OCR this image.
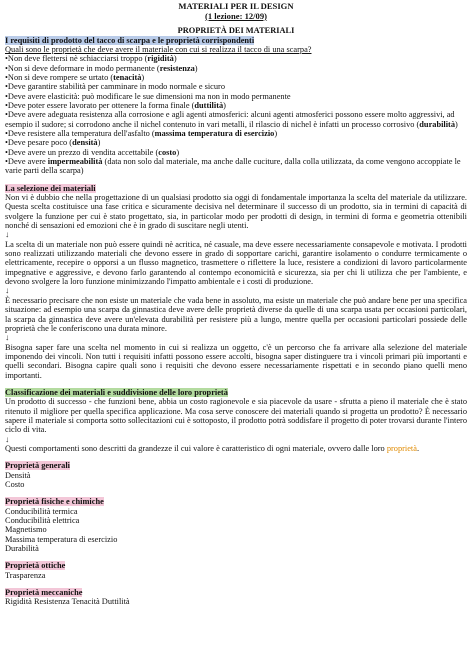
MATERIALI PER IL DESIGN
(1 lezione: 12/09)
PROPRIETÀ DEI MATERIALI
I requisiti di prodotto del tacco di scarpa e le proprietà corrispondenti
Quali sono le proprietà che deve avere il materiale con cui si realizza il tacco di una scarpa?
•Non deve flettersi nè schiacciarsi troppo (rigidità)
•Non si deve deformare in modo permanente (resistenza)
•Non si deve rompere se urtato (tenacità)
•Deve garantire stabilità per camminare in modo normale e sicuro
•Deve avere elasticità: può modificare le sue dimensioni ma non in modo permanente
•Deve poter essere lavorato per ottenere la forma finale (duttilità)
•Deve avere adeguata resistenza alla corrosione e agli agenti atmosferici: alcuni agenti atmosferici possono essere molto aggressivi, ad esempio il sudore; si corrodono anche il nichel contenuto in vari metalli, il rilascio di nichel è infatti un processo corrosivo (durabilità)
•Deve resistere alla temperatura dell'asfalto (massima temperatura di esercizio)
•Deve pesare poco (densità)
•Deve avere un prezzo di vendita accettabile (costo)
•Deve avere impermeabilità (data non solo dal materiale, ma anche dalle cuciture, dalla colla utilizzata, da come vengono accoppiate le varie parti della scarpa)
La selezione dei materiali

Non vi è dubbio che nella progettazione di un qualsiasi prodotto sia oggi di fondamentale importanza la scelta del materiale da utilizzare. Questa scelta costituisce una fase critica e sicuramente decisiva nel determinare il successo di un prodotto, sia in termini di capacità di svolgere la funzione per cui è stato progettato, sia, in particolar modo per prodotti di design, in termini di forma e geometria ottenibili nonché di sensazioni ed emozioni che è in grado di suscitare negli utenti.

↓

La scelta di un materiale non può essere quindi nè acritica, né casuale, ma deve essere necessariamente consapevole e motivata. I prodotti sono realizzati utilizzando materiali che devono essere in grado di sopportare carichi, garantire isolamento o condurre termicamente o elettricamente, recepire o opporsi a un flusso magnetico, trasmettere o riflettere la luce, resistere a condizioni di lavoro particolarmente impegnative e aggressive, e devono farlo garantendo al contempo economicità e sicurezza, sia per chi li utilizza che per l'ambiente, e devono svolgere la loro funzione minimizzando l'impatto ambientale e i costi di produzione.

↓

È necessario precisare che non esiste un materiale che vada bene in assoluto, ma esiste un materiale che può andare bene per una specifica situazione: ad esempio una scarpa da ginnastica deve avere delle proprietà diverse da quelle di una scarpa usata per occasioni particolari, la scarpa da ginnastica deve avere un'elevata durabilità per resistere più a lungo, mentre quella per occasioni particolari possiede delle proprietà che le conferiscono una durata minore.

↓

Bisogna saper fare una scelta nel momento in cui si realizza un oggetto, c'è un percorso che fa arrivare alla selezione del materiale imponendo dei vincoli. Non tutti i requisiti infatti possono essere accolti, bisogna saper distinguere tra i vincoli primari più importanti e quelli secondari. Bisogna capire quali sono i requisiti che devono essere necessariamente rispettati e in secondo piano quelli meno importanti.

Classificazione dei materiali e suddivisione delle loro proprietà

Un prodotto di successo - che funzioni bene, abbia un costo ragionevole e sia piacevole da usare - sfrutta a pieno il materiale che è stato ritenuto il migliore per quella specifica applicazione. Ma cosa serve conoscere dei materiali quando si progetta un prodotto? È necessario sapere il materiale si comporta sotto sollecitazioni cui è sottoposto, il prodotto potrà soddisfare il progetto di poter trovarsi durante l'intero ciclo di vita.

↓

Questi comportamenti sono descritti da grandezze il cui valore è caratteristico di ogni materiale, ovvero dalle loro proprietà.

Proprietà generali
Densità
Costo
Proprietà fisiche e chimiche
Conducibilità termica
Conducibilità elettrica
Magnetismo
Massima temperatura di esercizio
Durabilità
Proprietà ottiche
Trasparenza
Proprietà meccaniche
Rigidità Resistenza Tenacità Duttilità
